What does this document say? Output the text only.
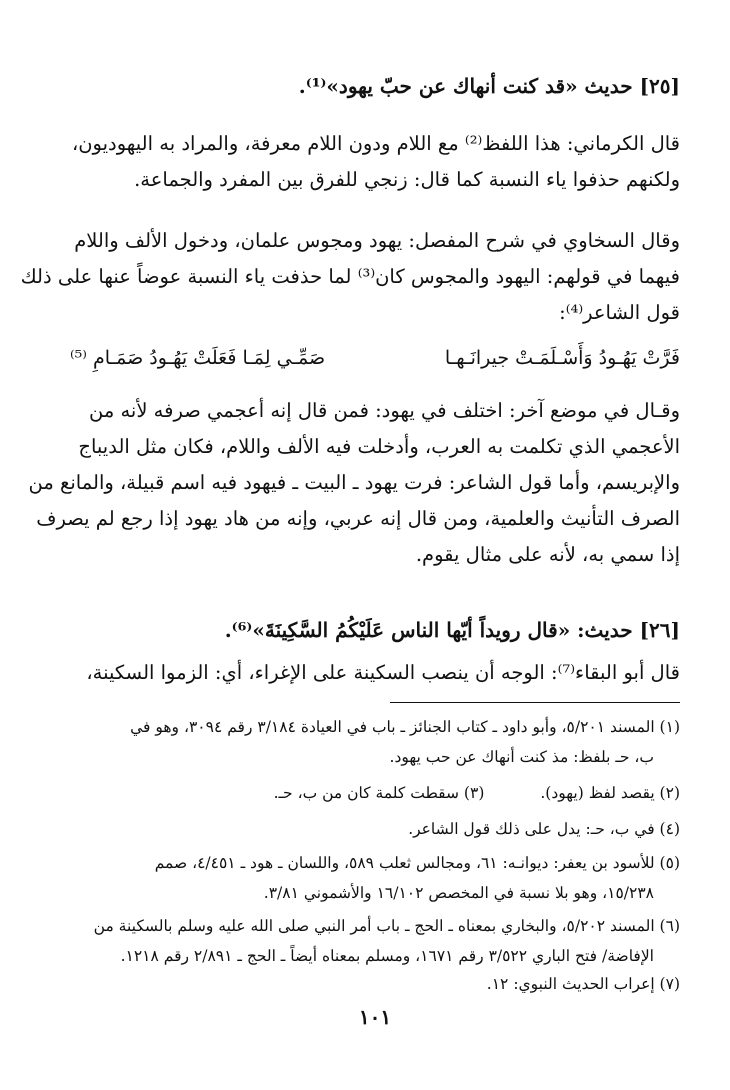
[٢٥] حديث «قد كنت أنهاك عن حبّ يهود»⁽¹⁾.
قال الكرماني: هذا اللفظ⁽²⁾ مع اللام ودون اللام معرفة، والمراد به اليهوديون،
ولكنهم حذفوا ياء النسبة كما قال: زنجي للفرق بين المفرد والجماعة.
وقال السخاوي في شرح المفصل: يهود ومجوس علمان، ودخول الألف واللام
فيهما في قولهم: اليهود والمجوس كان⁽³⁾ لما حذفت ياء النسبة عوضاً عنها على ذلك
قول الشاعر⁽⁴⁾:
فَرَّتْ يَهُـودُ وَأَسْـلَمَـتْ جيرانَـهـا
صَمِّـي لِمَـا فَعَلَتْ يَهُـودُ صَمَـامِ ⁽⁵⁾
وقـال في موضع آخر: اختلف في يهود: فمن قال إنه أعجمي صرفه لأنه من
الأعجمي الذي تكلمت به العرب، وأدخلت فيه الألف واللام، فكان مثل الديباج
والإبريسم، وأما قول الشاعر: فرت يهود ـ البيت ـ فيهود فيه اسم قبيلة، والمانع من
الصرف التأنيث والعلمية، ومن قال إنه عربي، وإنه من هاد يهود إذا رجع لم يصرف
إذا سمي به، لأنه على مثال يقوم.
[٢٦] حديث: «قال رويداً أيّها الناس عَلَيْكُمُ السَّكِينَةَ»⁽⁶⁾.
قال أبو البقاء⁽⁷⁾: الوجه أن ينصب السكينة على الإغراء، أي: الزموا السكينة،
(١) المسند ٥/٢٠١، وأبو داود ـ كتاب الجنائز ـ باب في العيادة ٣/١٨٤ رقم ٣٠٩٤، وهو في
ب، حـ بلفظ: مذ كنت أنهاك عن حب يهود.
(٢) يقصد لفظ (يهود).
(٣) سقطت كلمة كان من ب، حـ.
(٤) في ب، حـ: يدل على ذلك قول الشاعر.
(٥) للأسود بن يعفر: ديوانـه: ٦١، ومجالس ثعلب ٥٨٩، واللسان ـ هود ـ ٤/٤٥١، صمم
١٥/٢٣٨، وهو بلا نسبة في المخصص ١٦/١٠٢ والأشموني ٣/٨١.
(٦) المسند ٥/٢٠٢، والبخاري بمعناه ـ الحج ـ باب أمر النبي صلى الله عليه وسلم بالسكينة من
الإفاضة/ فتح الباري ٣/٥٢٢ رقم ١٦٧١، ومسلم بمعناه أيضاً ـ الحج ـ ٢/٨٩١ رقم ١٢١٨.
(٧) إعراب الحديث النبوي: ١٢.
١٠١
